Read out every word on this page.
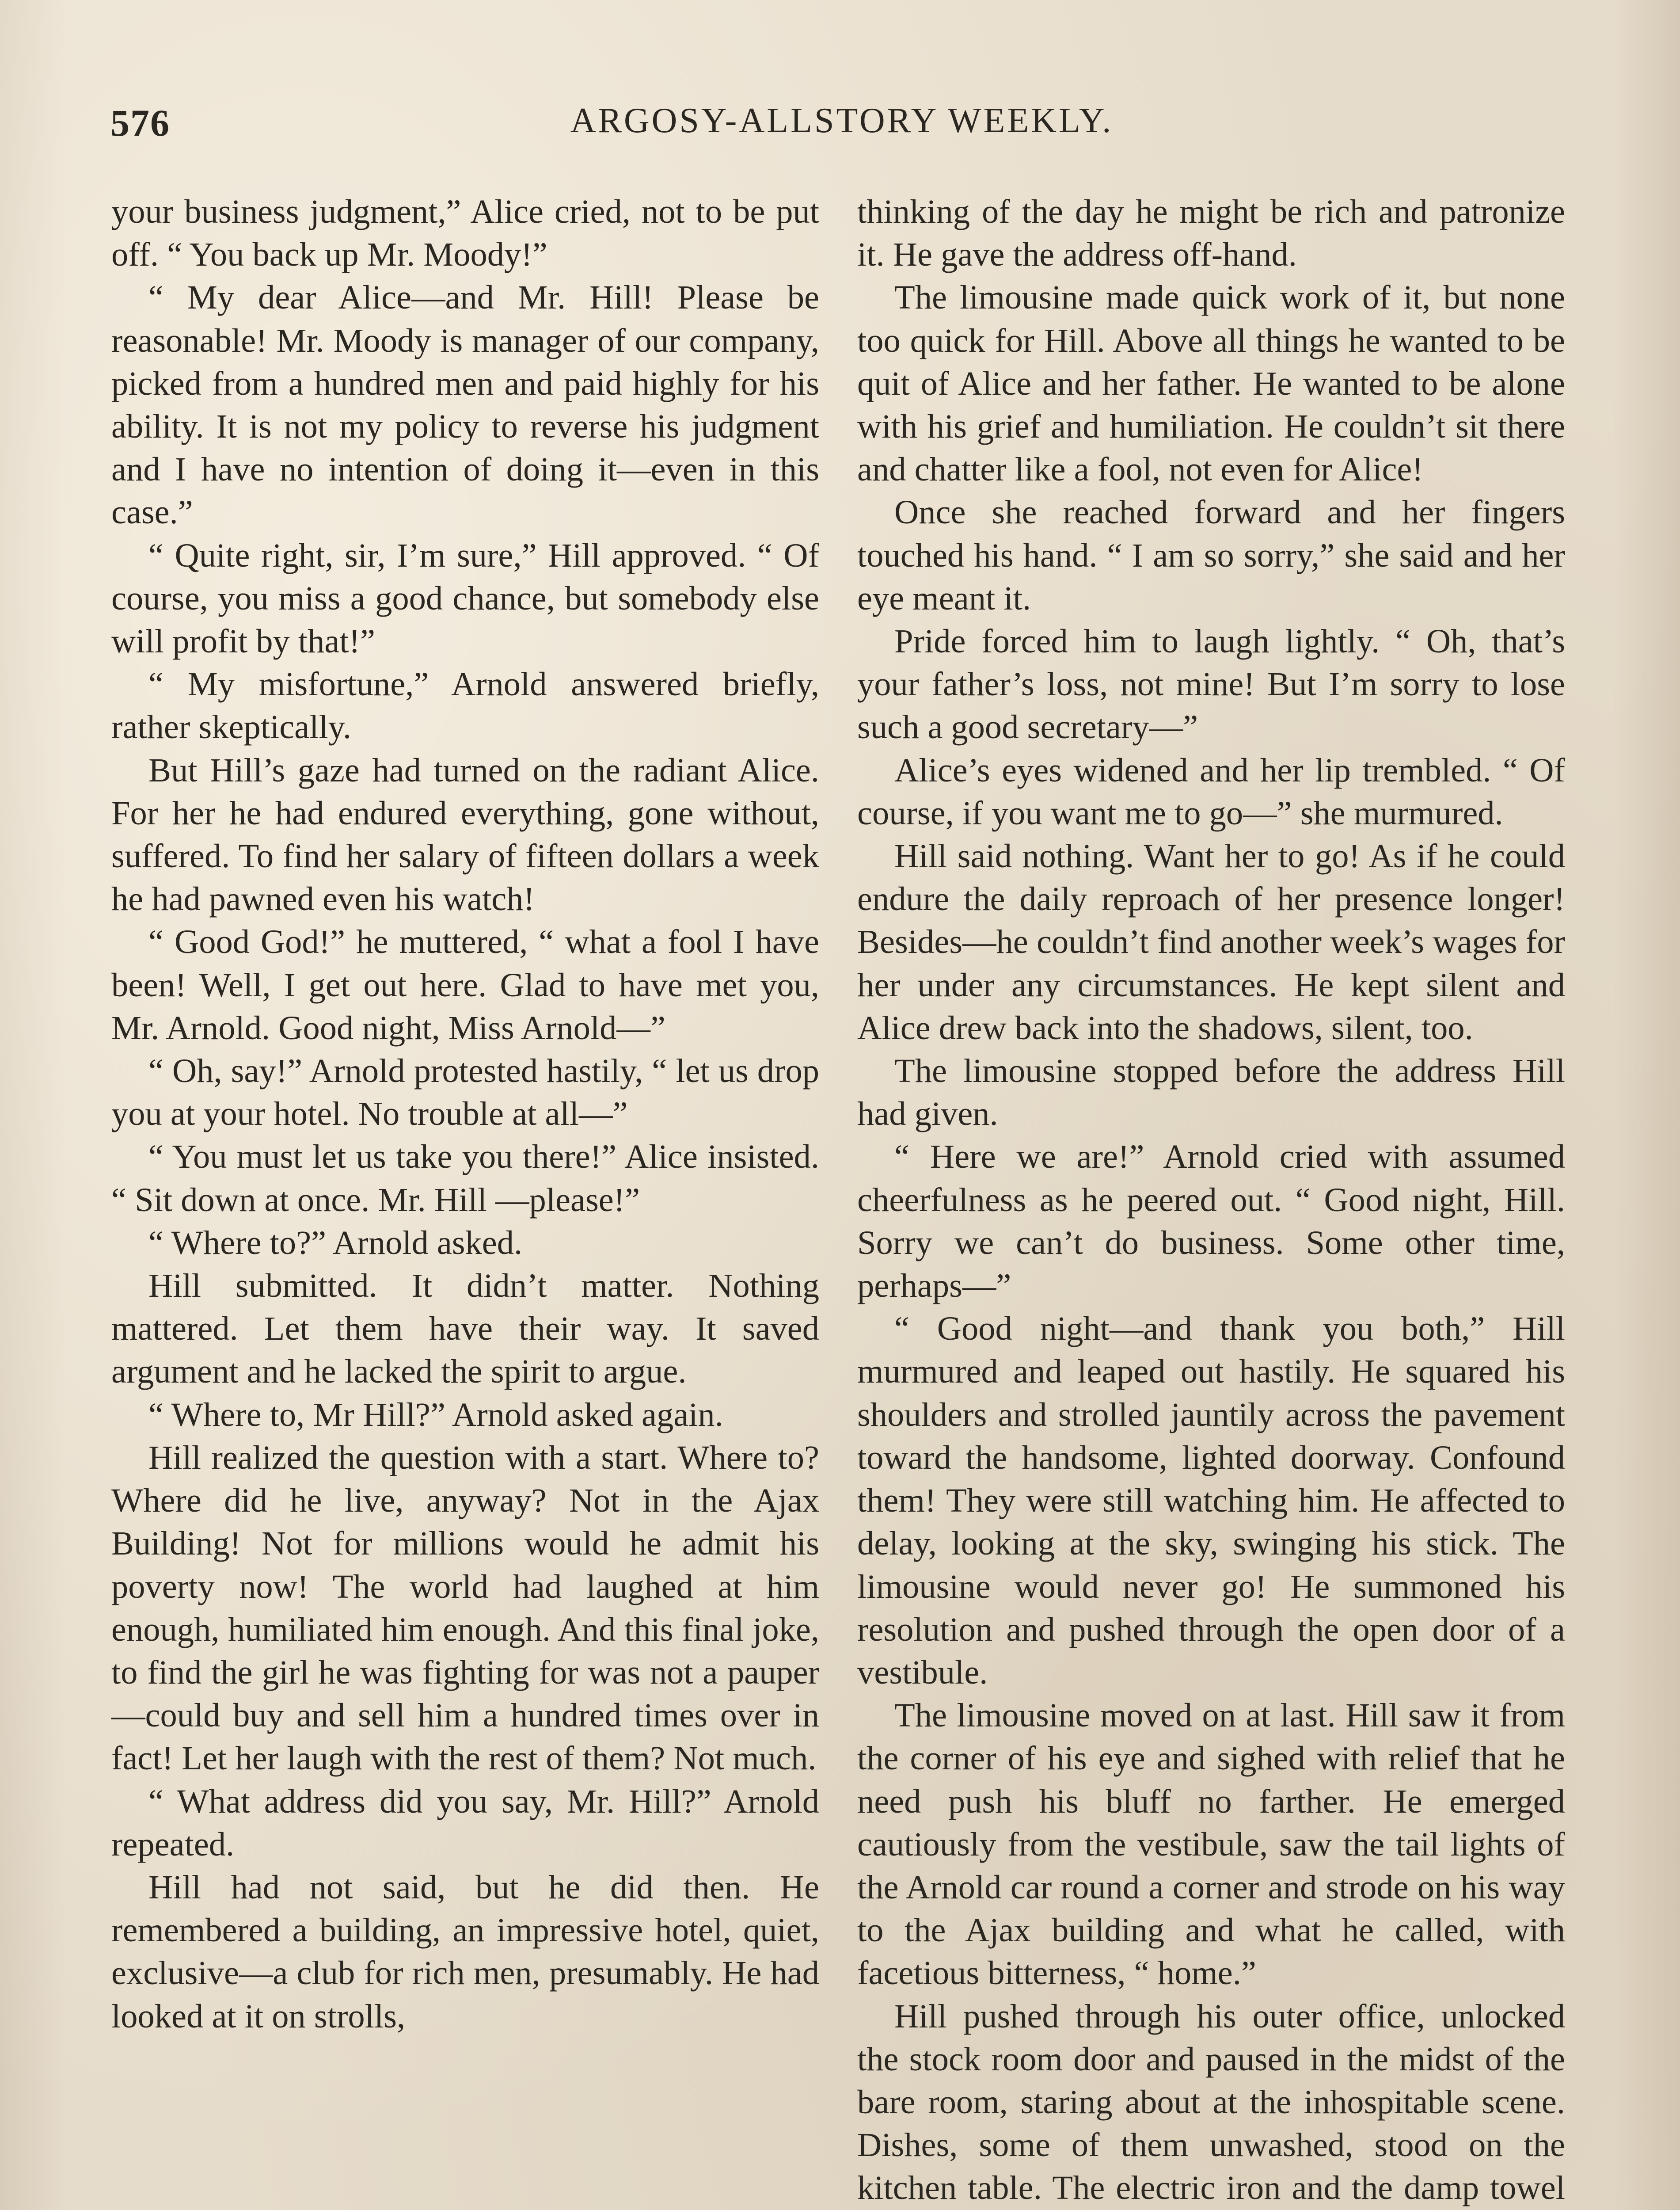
576	ARGOSY-ALLSTORY WEEKLY.

your business judgment,” Alice cried, not to be put off. “ You back up Mr. Moody!”

“ My dear Alice—and Mr. Hill! Please be reasonable! Mr. Moody is manager of our company, picked from a hundred men and paid highly for his ability. It is not my policy to reverse his judgment and I have no intention of doing it—even in this case.”

“ Quite right, sir, I’m sure,” Hill approved. “ Of course, you miss a good chance, but somebody else will profit by that!”

“ My misfortune,” Arnold answered briefly, rather skeptically.

But Hill’s gaze had turned on the radiant Alice. For her he had endured everything, gone without, suffered. To find her salary of fifteen dollars a week he had pawned even his watch!

“ Good God!” he muttered, “ what a fool I have been! Well, I get out here. Glad to have met you, Mr. Arnold. Good night, Miss Arnold—”

“ Oh, say!” Arnold protested hastily, “ let us drop you at your hotel. No trouble at all—”

“ You must let us take you there!” Alice insisted. “ Sit down at once. Mr. Hill —please!”

“ Where to?” Arnold asked.

Hill submitted. It didn’t matter. Nothing mattered. Let them have their way. It saved argument and he lacked the spirit to argue.

“ Where to, Mr Hill?” Arnold asked again.

Hill realized the question with a start. Where to? Where did he live, anyway? Not in the Ajax Building! Not for millions would he admit his poverty now! The world had laughed at him enough, humiliated him enough. And this final joke, to find the girl he was fighting for was not a pauper—could buy and sell him a hundred times over in fact! Let her laugh with the rest of them? Not much.

“ What address did you say, Mr. Hill?” Arnold repeated.

Hill had not said, but he did then. He remembered a building, an impressive hotel, quiet, exclusive—a club for rich men, presumably. He had looked at it on strolls,

thinking of the day he might be rich and patronize it. He gave the address off-hand.

The limousine made quick work of it, but none too quick for Hill. Above all things he wanted to be quit of Alice and her father. He wanted to be alone with his grief and humiliation. He couldn’t sit there and chatter like a fool, not even for Alice!

Once she reached forward and her fingers touched his hand. “ I am so sorry,” she said and her eye meant it.

Pride forced him to laugh lightly. “ Oh, that’s your father’s loss, not mine! But I’m sorry to lose such a good secretary—”

Alice’s eyes widened and her lip trembled. “ Of course, if you want me to go—” she murmured.

Hill said nothing. Want her to go! As if he could endure the daily reproach of her presence longer! Besides—he couldn’t find another week’s wages for her under any circumstances. He kept silent and Alice drew back into the shadows, silent, too.

The limousine stopped before the address Hill had given.

“ Here we are!” Arnold cried with assumed cheerfulness as he peered out. “ Good night, Hill. Sorry we can’t do business. Some other time, perhaps—”

“ Good night—and thank you both,” Hill murmured and leaped out hastily. He squared his shoulders and strolled jauntily across the pavement toward the handsome, lighted doorway. Confound them! They were still watching him. He affected to delay, looking at the sky, swinging his stick. The limousine would never go! He summoned his resolution and pushed through the open door of a vestibule.

The limousine moved on at last. Hill saw it from the corner of his eye and sighed with relief that he need push his bluff no farther. He emerged cautiously from the vestibule, saw the tail lights of the Arnold car round a corner and strode on his way to the Ajax building and what he called, with facetious bitterness, “ home.”

Hill pushed through his outer office, unlocked the stock room door and paused in the midst of the bare room, staring about at the inhospitable scene. Dishes, some of them unwashed, stood on the kitchen table. The electric iron and the damp towel
